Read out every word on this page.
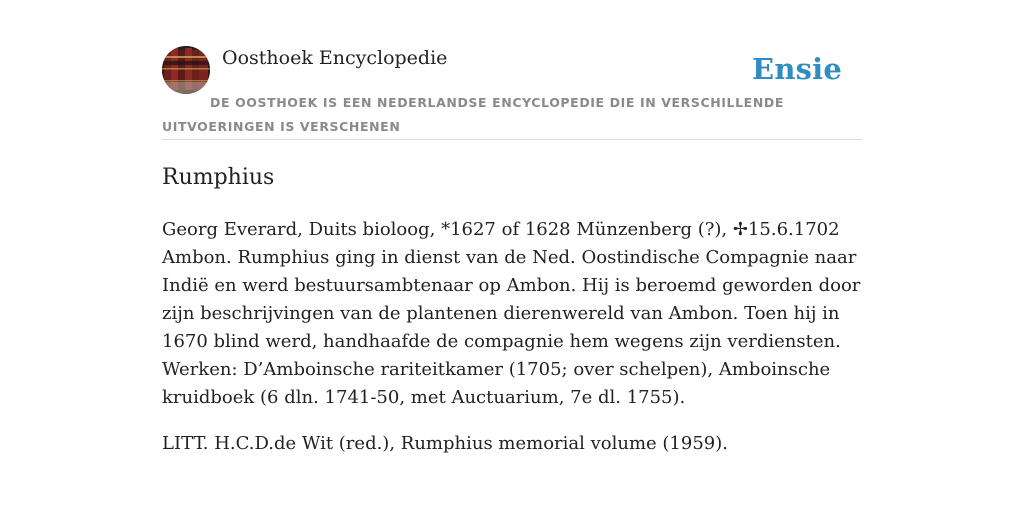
Oosthoek Encyclopedie	Ensie
DE OOSTHOEK IS EEN NEDERLANDSE ENCYCLOPEDIE DIE IN VERSCHILLENDE UITVOERINGEN IS VERSCHENEN
Rumphius

Georg Everard, Duits bioloog, *1627 of 1628 Münzenberg (?), ✢15.6.1702 Ambon. Rumphius ging in dienst van de Ned. Oostindische Compagnie naar Indië en werd bestuursambtenaar op Ambon. Hij is beroemd geworden door zijn beschrijvingen van de plantenen dierenwereld van Ambon. Toen hij in 1670 blind werd, handhaafde de compagnie hem wegens zijn verdiensten. Werken: D’Amboinsche rariteitkamer (1705; over schelpen), Amboinsche kruidboek (6 dln. 1741-50, met Auctuarium, 7e dl. 1755).

LITT. H.C.D.de Wit (red.), Rumphius memorial volume (1959).
